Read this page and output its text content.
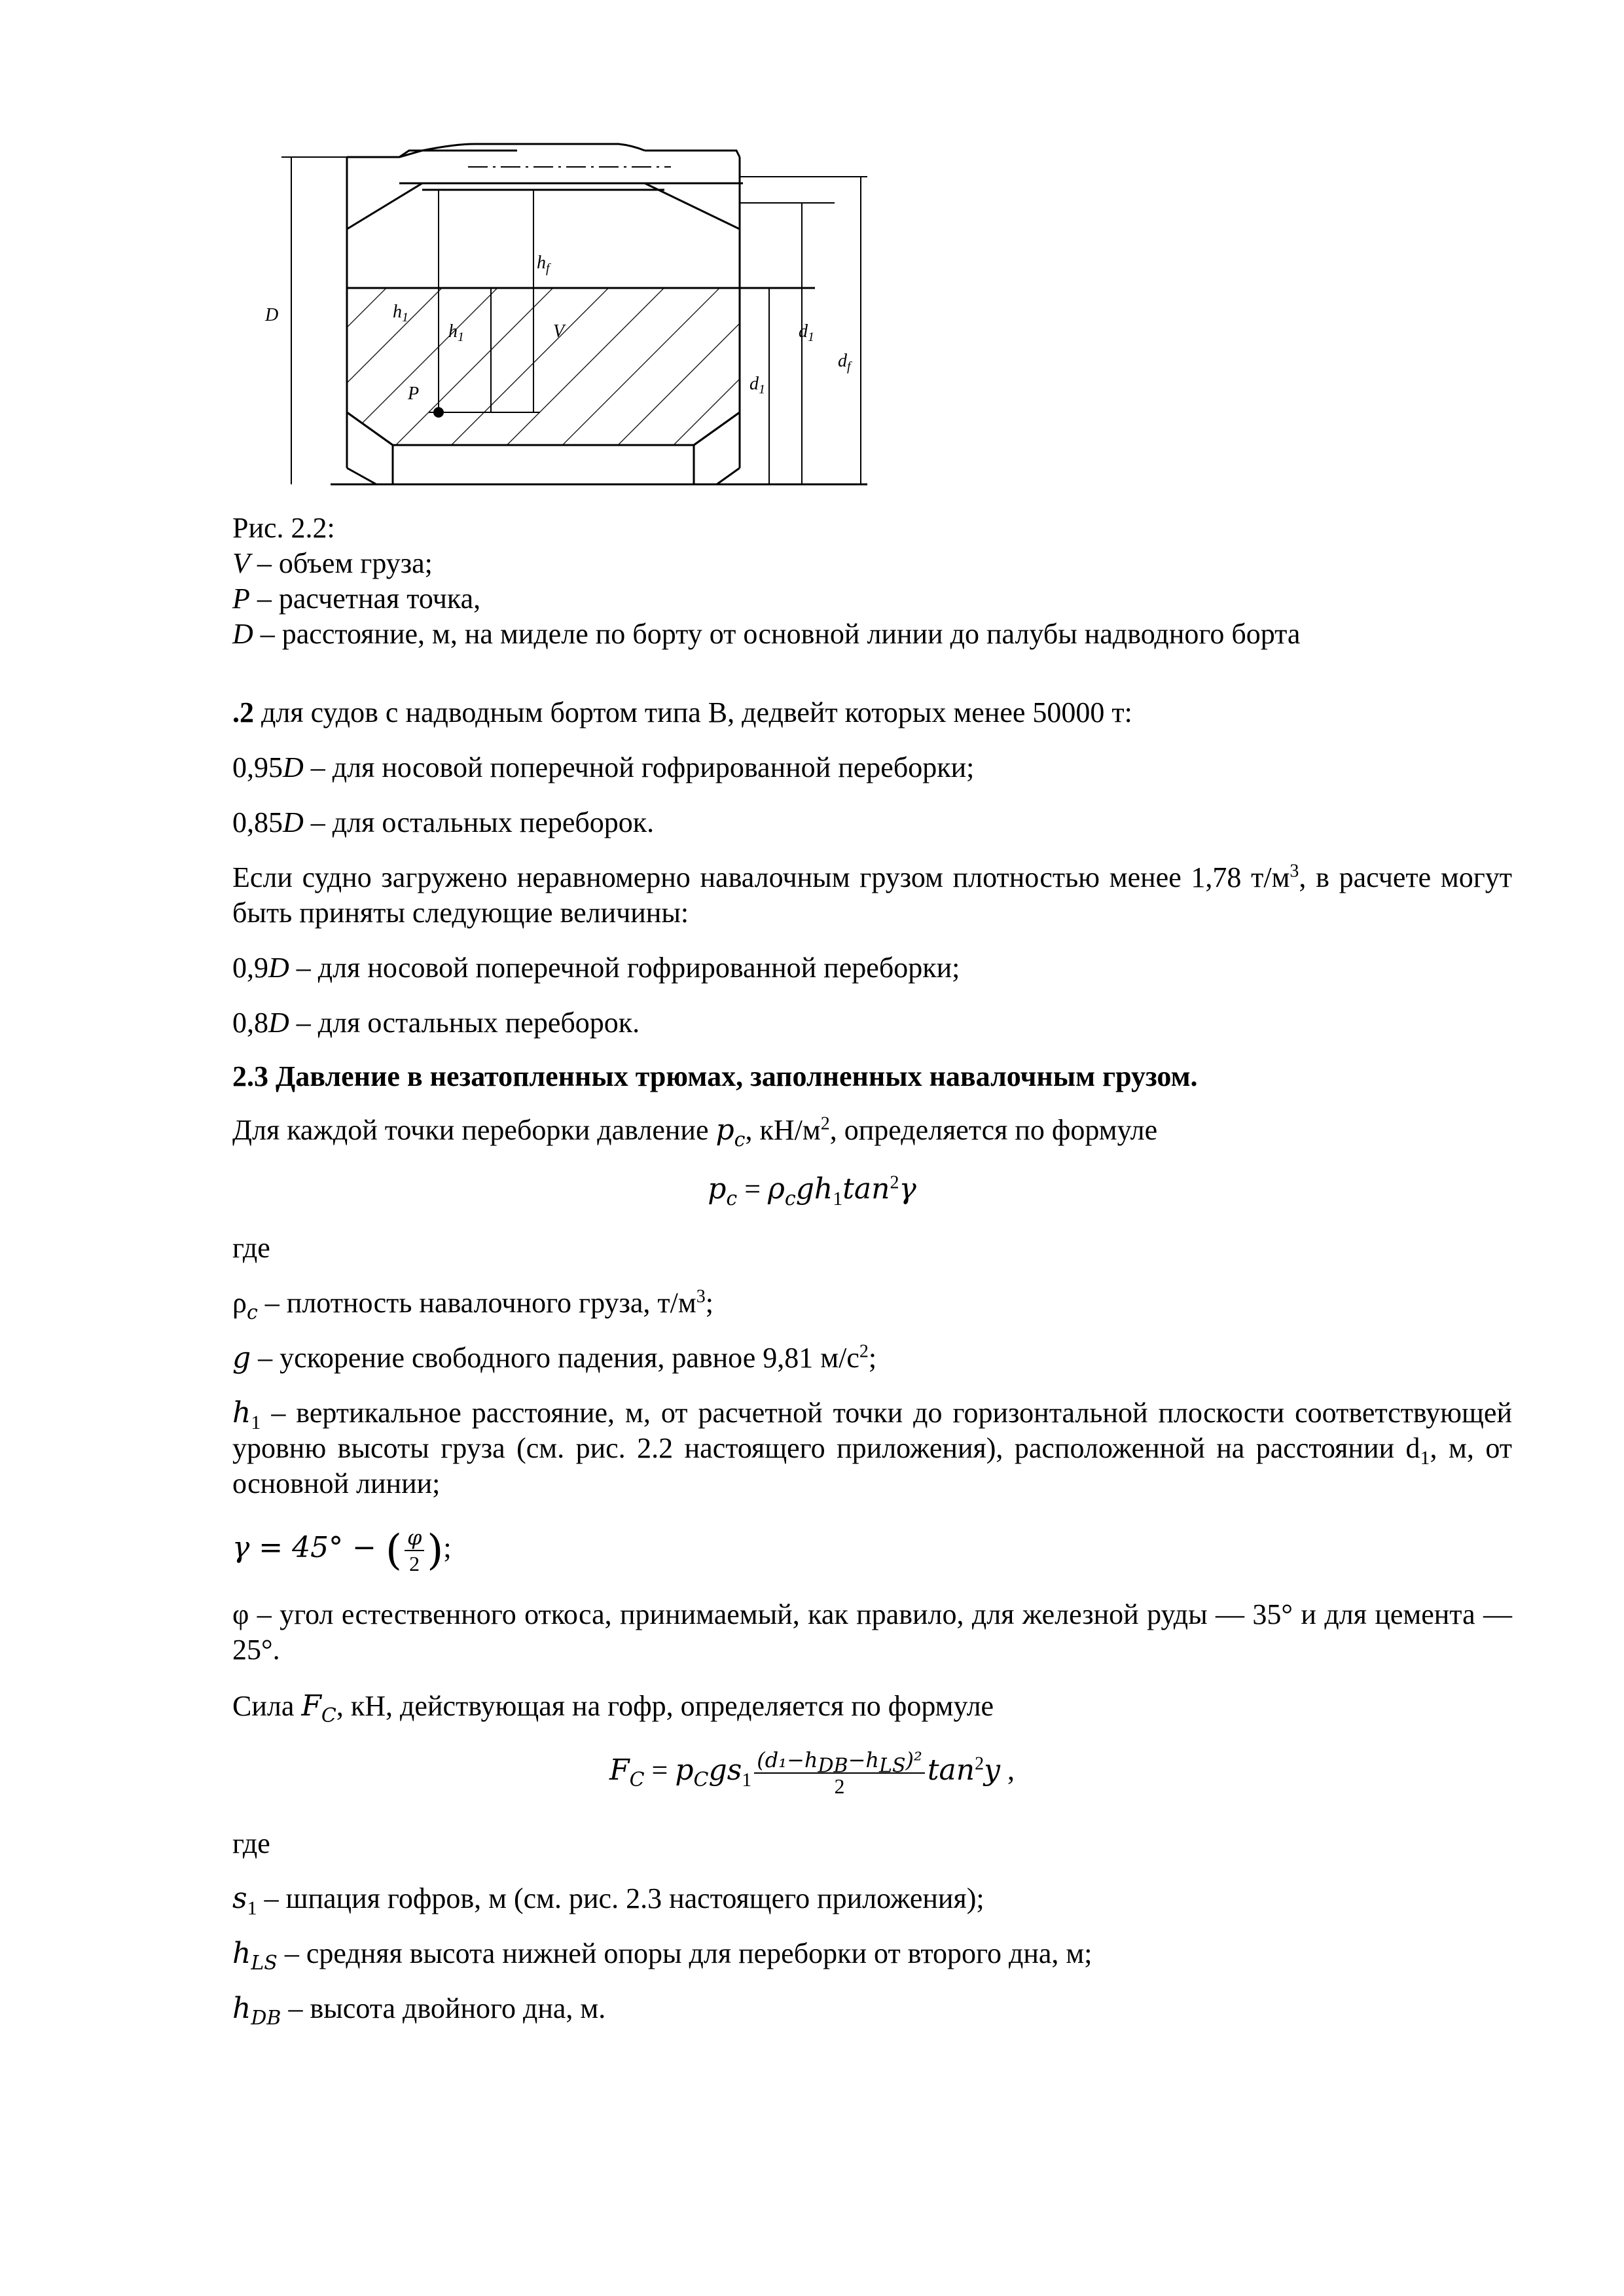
D
$h_f$
$h_1$
$h_1$	V
P	$d_1$
$d_1$
$d_f$
Рис. 2.2:
V – объем груза;
P – расчетная точка,
D – расстояние, м, на миделе по борту от основной линии до палубы надводного борта
.2 для судов с надводным бортом типа B, дедвейт которых менее 50000 т:
0,95D – для носовой поперечной гофрированной переборки;
0,85D – для остальных переборок.
Если судно загружено неравномерно навалочным грузом плотностью менее 1,78 $т/м^3$, в расчете могут быть приняты следующие величины:
0,9D – для носовой поперечной гофрированной переборки;
0,8D – для остальных переборок.
2.3 Давление в незатопленных трюмах, заполненных навалочным грузом.
Для каждой точки переборки давление $p_c$, $кН/м^2$, определяется по формуле
$p_c = \rho_cgh_1\tan^2\gamma$
где
$\rho_c$ – плотность навалочного груза, $т/м^3$;
g – ускорение свободного падения, равное 9,81 $м/с^2$;
$h_1$ – вертикальное расстояние, м, от расчетной точки до горизонтальной плоскости соответствующей уровню высоты груза (см. рис. 2.2 настоящего приложения), расположенной на расстоянии $d_1$, м, от основной линии;
γ = 45° − ( $\frac{\varphi}{2}$ );
φ – угол естественного откоса, принимаемый, как правило, для железной руды — 35° и для цемента — 25°.
Сила $F_C$, кН, действующая на гофр, определяется по формуле
$F_C = p_Cgs_1 \frac{(d_1-h_{DB}-h_{LS})^2}{2} \tan^2y$ ,
где
$s_1$ – шпация гофров, м (см. рис. 2.3 настоящего приложения);
$h_{LS}$ – средняя высота нижней опоры для переборки от второго дна, м;
$h_{DB}$ – высота двойного дна, м.
